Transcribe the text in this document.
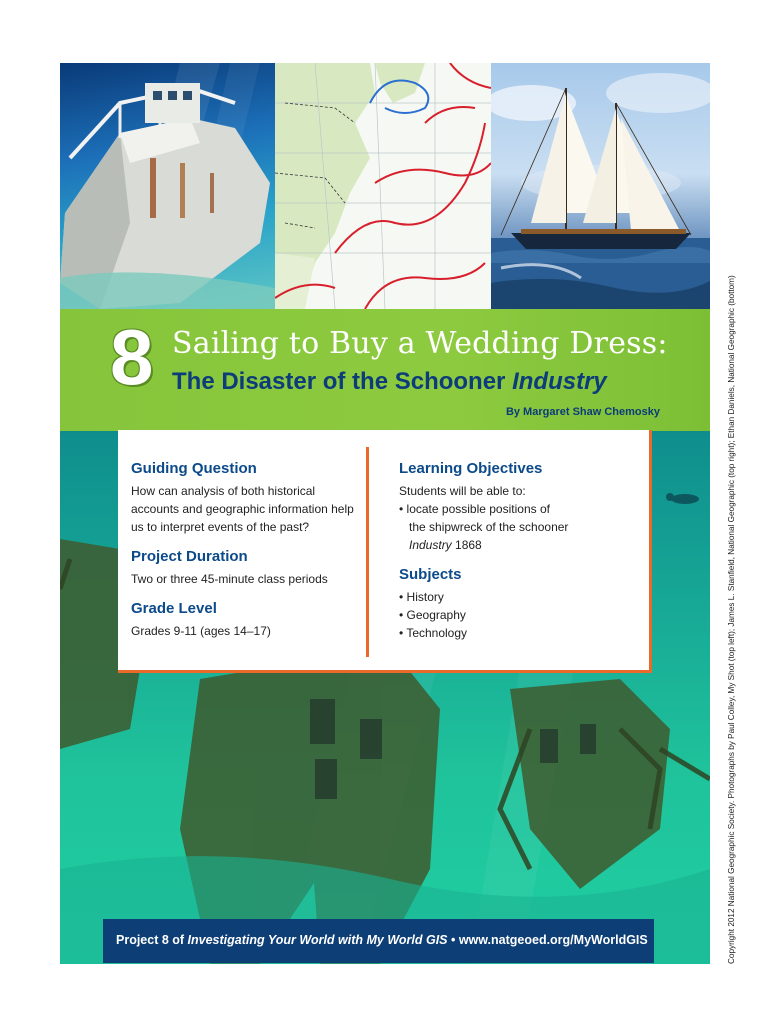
8 Sailing to Buy a Wedding Dress:
The Disaster of the Schooner Industry
By Margaret Shaw Chemosky
Guiding Question

How can analysis of both historical accounts and geographic information help us to interpret events of the past?

Project Duration

Two or three 45-minute class periods

Grade Level

Grades 9-11 (ages 14–17)

Learning Objectives
Students will be able to:
• locate possible positions of
the shipwreck of the schooner
Industry 1868
Subjects
• History
• Geography
• Technology
Project 8 of Investigating Your World with My World GIS • www.natgeoed.org/MyWorldGIS	Copyright 2012 National Geographic Society. Photographs by Paul Colley, My Shot (top left); James L. Stanfield, National Geographic (top right); Ethan Daniels, National Geographic (bottom)
